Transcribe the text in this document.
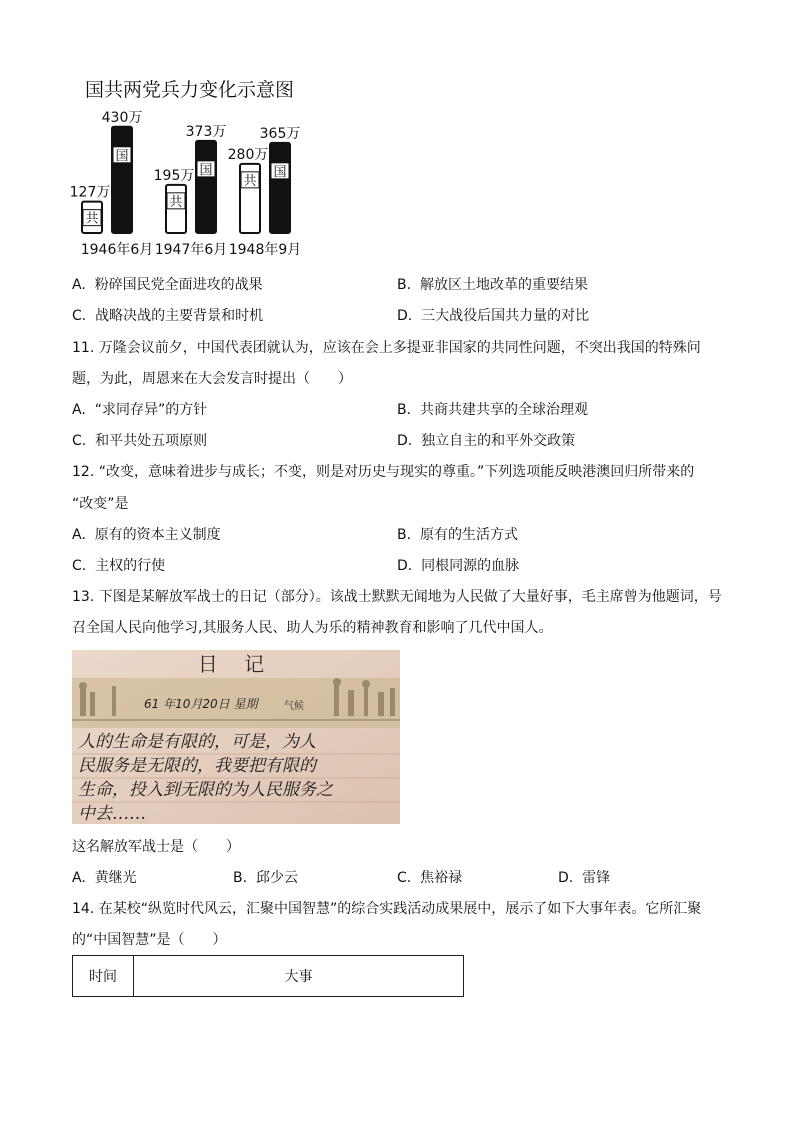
国共两党兵力变化示意图
共
127万
国
430万
1946年6月
共
195万 国
373万
1947年6月
共
280万
国
365万
1948年9月
A. 粉碎国民党全面进攻的战果	B. 解放区土地改革的重要结果
C. 战略决战的主要背景和时机	D. 三大战役后国共力量的对比
11. 万隆会议前夕，中国代表团就认为，应该在会上多提亚非国家的共同性问题，不突出我国的特殊问
题，为此，周恩来在大会发言时提出（　　）
A. “求同存异”的方针	B. 共商共建共享的全球治理观
C. 和平共处五项原则	D. 独立自主的和平外交政策
12. “改变，意味着进步与成长；不变，则是对历史与现实的尊重。”下列选项能反映港澳回归所带来的
“改变”是
A. 原有的资本主义制度	B. 原有的生活方式
C. 主权的行使	D. 同根同源的血脉
13. 下图是某解放军战士的日记（部分）。该战士默默无闻地为人民做了大量好事，毛主席曾为他题词，号
召全国人民向他学习,其服务人民、助人为乐的精神教育和影响了几代中国人。
日 记
61 年10月20日 星期	气候
人的生命是有限的，可是，为人
民服务是无限的，我要把有限的
生命，投入到无限的为人民服务之
中去……
这名解放军战士是（　　）
A. 黄继光	B. 邱少云	C. 焦裕禄	D. 雷锋
14. 在某校“纵览时代风云，汇聚中国智慧”的综合实践活动成果展中，展示了如下大事年表。它所汇聚
的“中国智慧”是（　　）
时间	大事
